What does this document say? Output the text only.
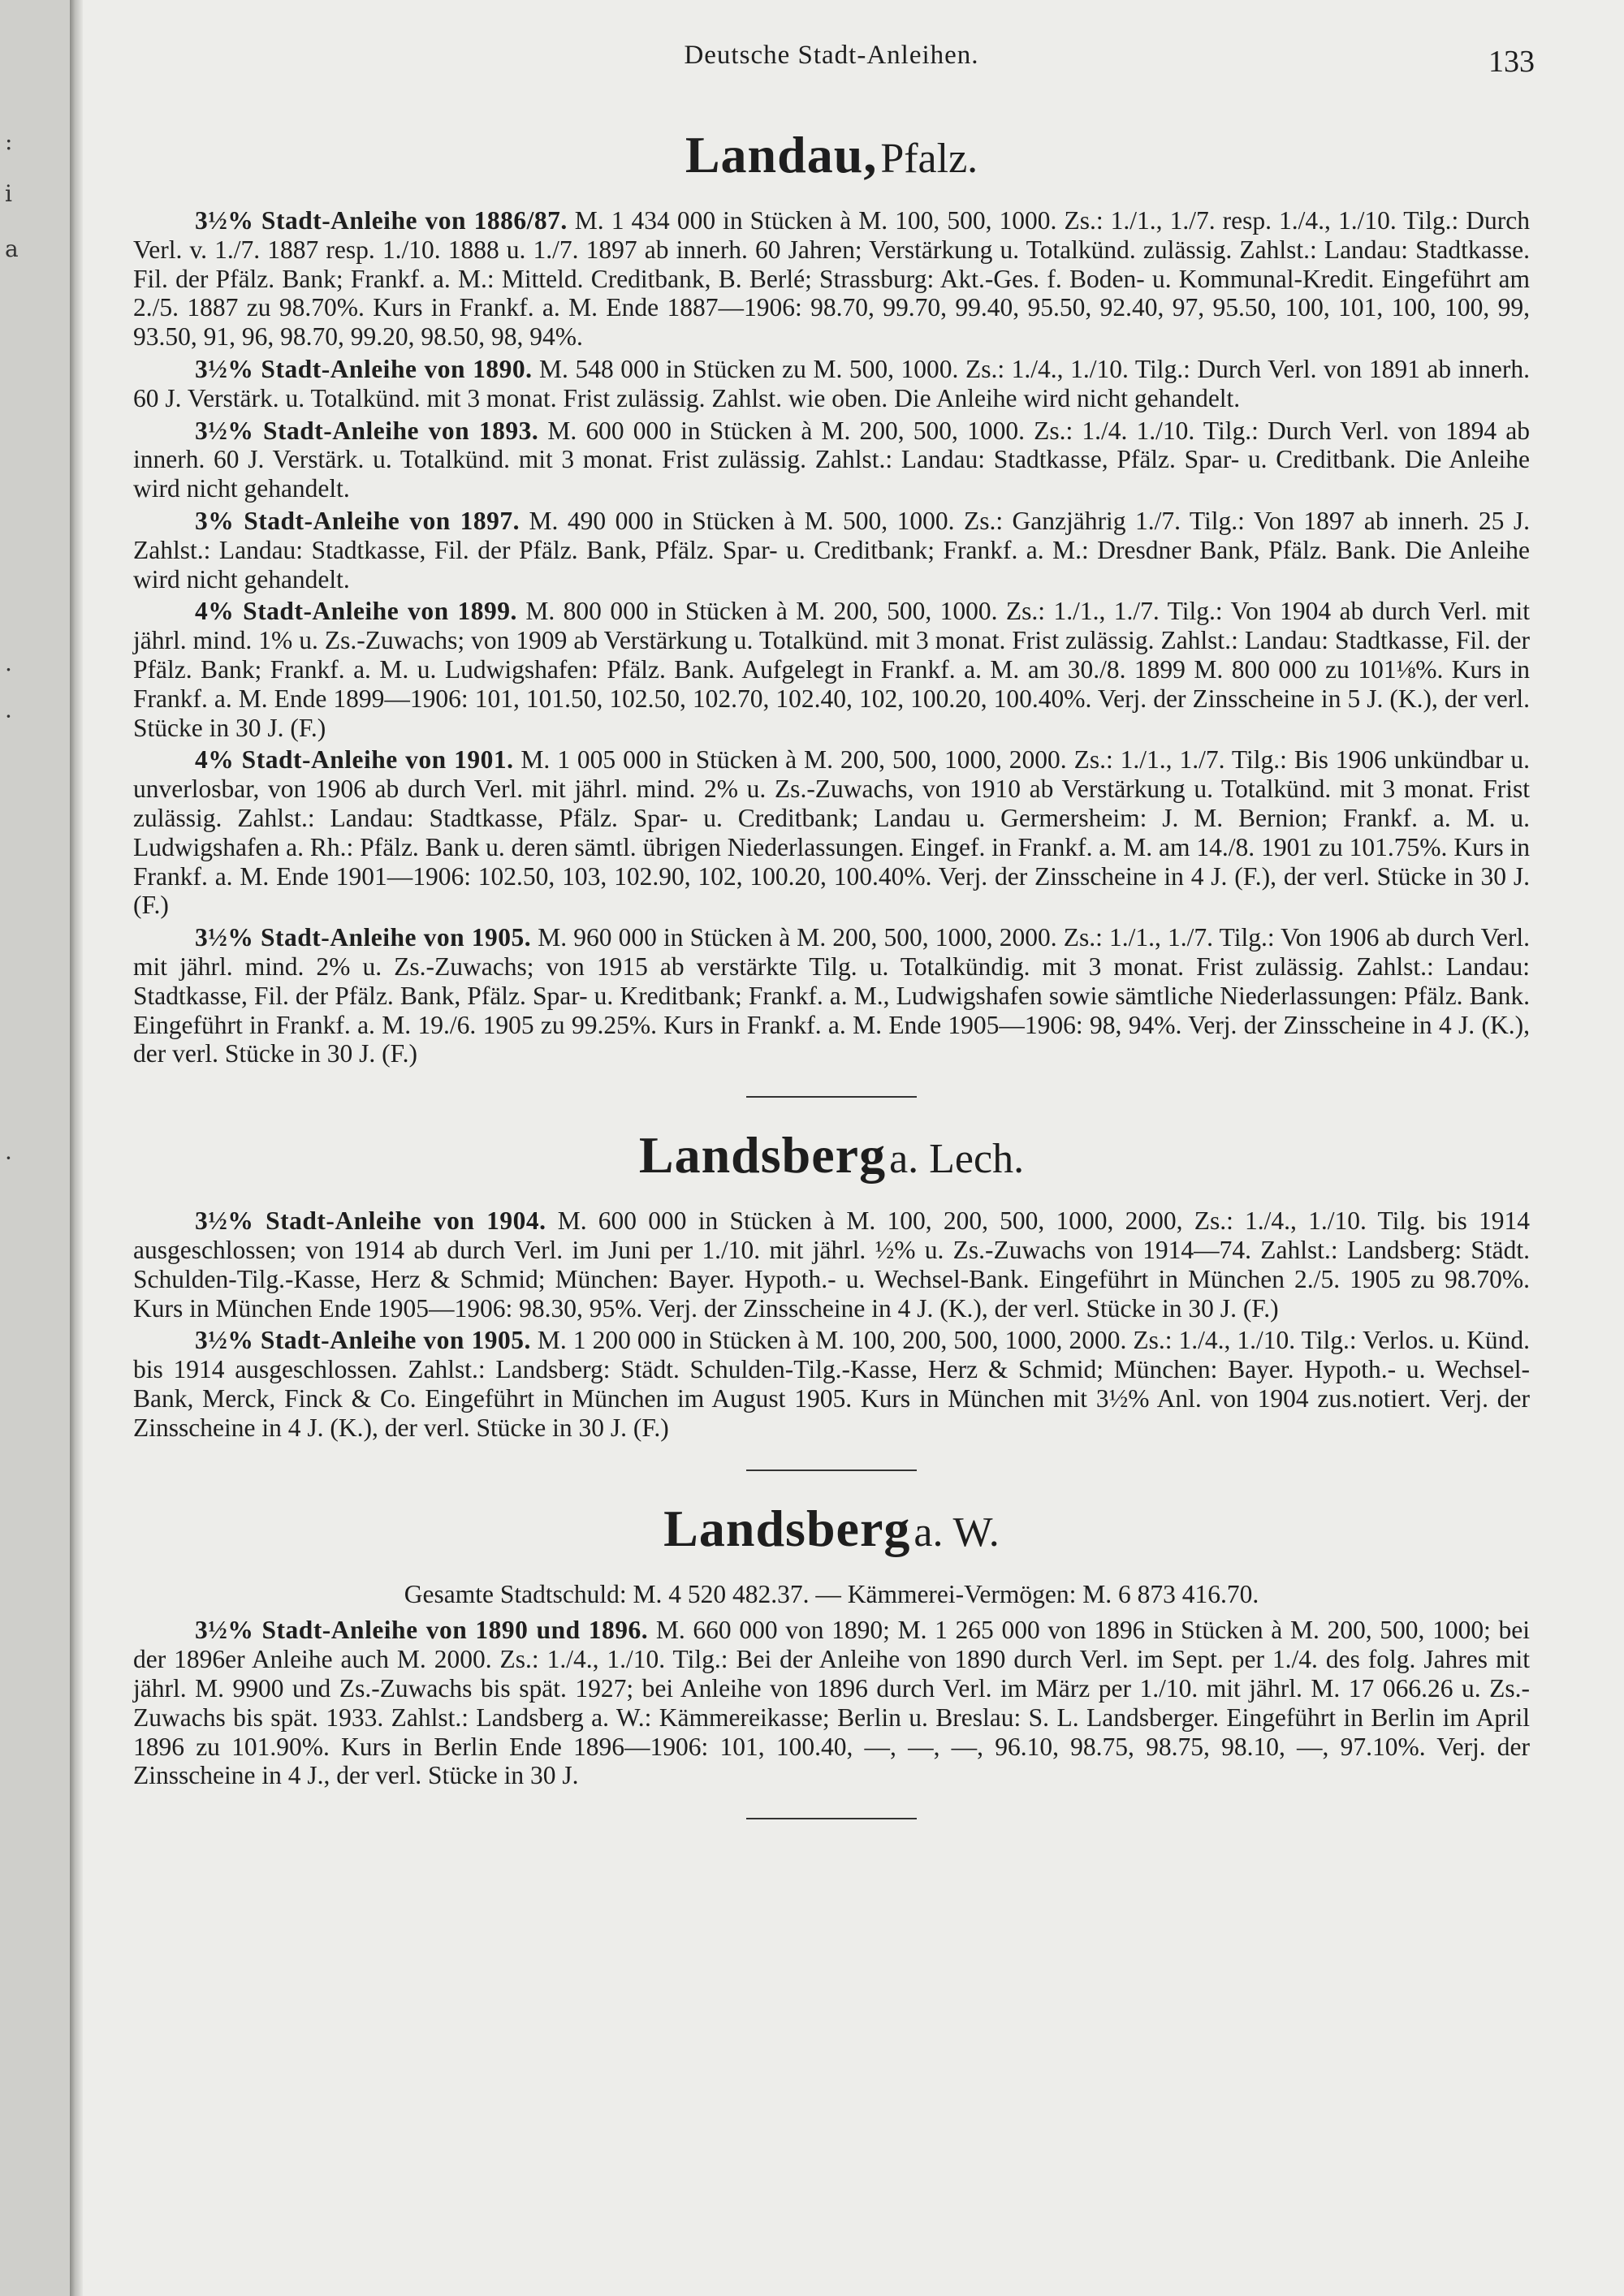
:
i
a
.
·
·
Deutsche Stadt-Anleihen.	133
Landau, Pfalz.

3½% Stadt-Anleihe von 1886/87. M. 1 434 000 in Stücken à M. 100, 500, 1000. Zs.: 1./1., 1./7. resp. 1./4., 1./10. Tilg.: Durch Verl. v. 1./7. 1887 resp. 1./10. 1888 u. 1./7. 1897 ab innerh. 60 Jahren; Verstärkung u. Totalkünd. zulässig. Zahlst.: Landau: Stadtkasse. Fil. der Pfälz. Bank; Frankf. a. M.: Mitteld. Creditbank, B. Berlé; Strassburg: Akt.-Ges. f. Boden- u. Kommunal-Kredit. Eingeführt am 2./5. 1887 zu 98.70%. Kurs in Frankf. a. M. Ende 1887—1906: 98.70, 99.70, 99.40, 95.50, 92.40, 97, 95.50, 100, 101, 100, 100, 99, 93.50, 91, 96, 98.70, 99.20, 98.50, 98, 94%.

3½% Stadt-Anleihe von 1890. M. 548 000 in Stücken zu M. 500, 1000. Zs.: 1./4., 1./10. Tilg.: Durch Verl. von 1891 ab innerh. 60 J. Verstärk. u. Totalkünd. mit 3 monat. Frist zulässig. Zahlst. wie oben. Die Anleihe wird nicht gehandelt.

3½% Stadt-Anleihe von 1893. M. 600 000 in Stücken à M. 200, 500, 1000. Zs.: 1./4. 1./10. Tilg.: Durch Verl. von 1894 ab innerh. 60 J. Verstärk. u. Totalkünd. mit 3 monat. Frist zulässig. Zahlst.: Landau: Stadtkasse, Pfälz. Spar- u. Creditbank. Die Anleihe wird nicht gehandelt.

3% Stadt-Anleihe von 1897. M. 490 000 in Stücken à M. 500, 1000. Zs.: Ganzjährig 1./7. Tilg.: Von 1897 ab innerh. 25 J. Zahlst.: Landau: Stadtkasse, Fil. der Pfälz. Bank, Pfälz. Spar- u. Creditbank; Frankf. a. M.: Dresdner Bank, Pfälz. Bank. Die Anleihe wird nicht gehandelt.

4% Stadt-Anleihe von 1899. M. 800 000 in Stücken à M. 200, 500, 1000. Zs.: 1./1., 1./7. Tilg.: Von 1904 ab durch Verl. mit jährl. mind. 1% u. Zs.-Zuwachs; von 1909 ab Verstärkung u. Totalkünd. mit 3 monat. Frist zulässig. Zahlst.: Landau: Stadtkasse, Fil. der Pfälz. Bank; Frankf. a. M. u. Ludwigshafen: Pfälz. Bank. Aufgelegt in Frankf. a. M. am 30./8. 1899 M. 800 000 zu 101⅛%. Kurs in Frankf. a. M. Ende 1899—1906: 101, 101.50, 102.50, 102.70, 102.40, 102, 100.20, 100.40%. Verj. der Zinsscheine in 5 J. (K.), der verl. Stücke in 30 J. (F.)

4% Stadt-Anleihe von 1901. M. 1 005 000 in Stücken à M. 200, 500, 1000, 2000. Zs.: 1./1., 1./7. Tilg.: Bis 1906 unkündbar u. unverlosbar, von 1906 ab durch Verl. mit jährl. mind. 2% u. Zs.-Zuwachs, von 1910 ab Verstärkung u. Totalkünd. mit 3 monat. Frist zulässig. Zahlst.: Landau: Stadtkasse, Pfälz. Spar- u. Creditbank; Landau u. Germersheim: J. M. Bernion; Frankf. a. M. u. Ludwigshafen a. Rh.: Pfälz. Bank u. deren sämtl. übrigen Niederlassungen. Eingef. in Frankf. a. M. am 14./8. 1901 zu 101.75%. Kurs in Frankf. a. M. Ende 1901—1906: 102.50, 103, 102.90, 102, 100.20, 100.40%. Verj. der Zinsscheine in 4 J. (F.), der verl. Stücke in 30 J. (F.)

3½% Stadt-Anleihe von 1905. M. 960 000 in Stücken à M. 200, 500, 1000, 2000. Zs.: 1./1., 1./7. Tilg.: Von 1906 ab durch Verl. mit jährl. mind. 2% u. Zs.-Zuwachs; von 1915 ab verstärkte Tilg. u. Totalkündig. mit 3 monat. Frist zulässig. Zahlst.: Landau: Stadtkasse, Fil. der Pfälz. Bank, Pfälz. Spar- u. Kreditbank; Frankf. a. M., Ludwigshafen sowie sämtliche Niederlassungen: Pfälz. Bank. Eingeführt in Frankf. a. M. 19./6. 1905 zu 99.25%. Kurs in Frankf. a. M. Ende 1905—1906: 98, 94%. Verj. der Zinsscheine in 4 J. (K.), der verl. Stücke in 30 J. (F.)

Landsberg a. Lech.

3½% Stadt-Anleihe von 1904. M. 600 000 in Stücken à M. 100, 200, 500, 1000, 2000, Zs.: 1./4., 1./10. Tilg. bis 1914 ausgeschlossen; von 1914 ab durch Verl. im Juni per 1./10. mit jährl. ½% u. Zs.-Zuwachs von 1914—74. Zahlst.: Landsberg: Städt. Schulden-Tilg.-Kasse, Herz & Schmid; München: Bayer. Hypoth.- u. Wechsel-Bank. Eingeführt in München 2./5. 1905 zu 98.70%. Kurs in München Ende 1905—1906: 98.30, 95%. Verj. der Zinsscheine in 4 J. (K.), der verl. Stücke in 30 J. (F.)

3½% Stadt-Anleihe von 1905. M. 1 200 000 in Stücken à M. 100, 200, 500, 1000, 2000. Zs.: 1./4., 1./10. Tilg.: Verlos. u. Künd. bis 1914 ausgeschlossen. Zahlst.: Landsberg: Städt. Schulden-Tilg.-Kasse, Herz & Schmid; München: Bayer. Hypoth.- u. Wechsel-Bank, Merck, Finck & Co. Eingeführt in München im August 1905. Kurs in München mit 3½% Anl. von 1904 zus.notiert. Verj. der Zinsscheine in 4 J. (K.), der verl. Stücke in 30 J. (F.)

Landsberg a. W.

Gesamte Stadtschuld: M. 4 520 482.37. — Kämmerei-Vermögen: M. 6 873 416.70.

3½% Stadt-Anleihe von 1890 und 1896. M. 660 000 von 1890; M. 1 265 000 von 1896 in Stücken à M. 200, 500, 1000; bei der 1896er Anleihe auch M. 2000. Zs.: 1./4., 1./10. Tilg.: Bei der Anleihe von 1890 durch Verl. im Sept. per 1./4. des folg. Jahres mit jährl. M. 9900 und Zs.-Zuwachs bis spät. 1927; bei Anleihe von 1896 durch Verl. im März per 1./10. mit jährl. M. 17 066.26 u. Zs.-Zuwachs bis spät. 1933. Zahlst.: Landsberg a. W.: Kämmereikasse; Berlin u. Breslau: S. L. Landsberger. Eingeführt in Berlin im April 1896 zu 101.90%. Kurs in Berlin Ende 1896—1906: 101, 100.40, —, —, —, 96.10, 98.75, 98.75, 98.10, —, 97.10%. Verj. der Zinsscheine in 4 J., der verl. Stücke in 30 J.
